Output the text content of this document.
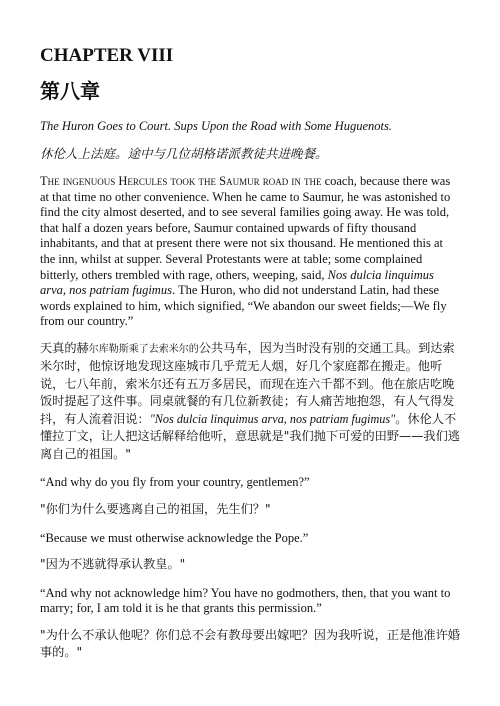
CHAPTER VIII
第八章

The Huron Goes to Court. Sups Upon the Road with Some Huguenots.

休伦人上法庭。途中与几位胡格诺派教徒共进晚餐。

The ingenuous Hercules took the Saumur road in the coach, because there was at that time no other convenience. When he came to Saumur, he was astonished to find the city almost deserted, and to see several families going away. He was told, that half a dozen years before, Saumur contained upwards of fifty thousand inhabitants, and that at present there were not six thousand. He mentioned this at the inn, whilst at supper. Several Protestants were at table; some complained bitterly, others trembled with rage, others, weeping, said, Nos dulcia linquimus arva, nos patriam fugimus. The Huron, who did not understand Latin, had these words explained to him, which signified, “We abandon our sweet fields;—We fly from our country.”

天真的赫尔库勒斯乘了去索米尔的公共马车，因为当时没有别的交通工具。到达索米尔时，他惊讶地发现这座城市几乎荒无人烟，好几个家庭都在搬走。他听说，七八年前，索米尔还有五万多居民，而现在连六千都不到。他在旅店吃晚饭时提起了这件事。同桌就餐的有几位新教徒；有人痛苦地抱怨，有人气得发抖，有人流着泪说："Nos dulcia linquimus arva, nos patriam fugimus"。休伦人不懂拉丁文，让人把这话解释给他听，意思就是"我们抛下可爱的田野——我们逃离自己的祖国。"

“And why do you fly from your country, gentlemen?”

"你们为什么要逃离自己的祖国，先生们？"

“Because we must otherwise acknowledge the Pope.”

"因为不逃就得承认教皇。"

“And why not acknowledge him? You have no godmothers, then, that you want to marry; for, I am told it is he that grants this permission.”

"为什么不承认他呢？你们总不会有教母要出嫁吧？因为我听说，正是他准许婚事的。"
